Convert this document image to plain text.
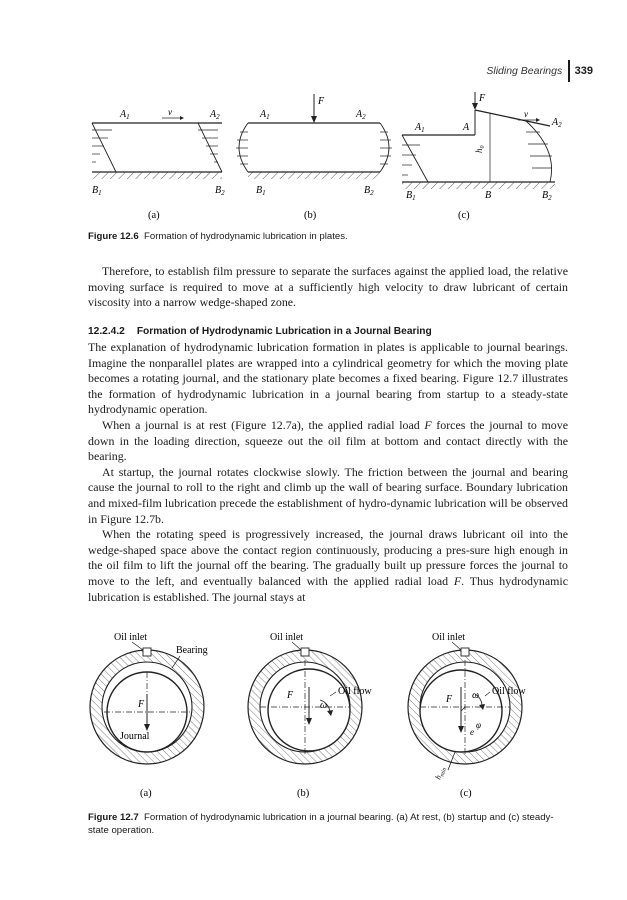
Sliding Bearings 339
v
$A_1$	$A_2$
$B_1$	$B_2$
(a)
F
$A_1$	$A_2$
$B_1$	$B_2$
(b)
F
$h_0$
v
$A_1$	A	$A_2$
$B_1$	B	$B_2$
(c)
Figure 12.6 Formation of hydrodynamic lubrication in plates.

Therefore, to establish film pressure to separate the surfaces against the applied load, the relative moving surface is required to move at a sufficiently high velocity to draw lubricant of certain viscosity into a narrow wedge-shaped zone.

12.2.4.2 Formation of Hydrodynamic Lubrication in a Journal Bearing

The explanation of hydrodynamic lubrication formation in plates is applicable to journal bearings. Imagine the nonparallel plates are wrapped into a cylindrical geometry for which the moving plate becomes a rotating journal, and the stationary plate becomes a fixed bearing. Figure 12.7 illustrates the formation of hydrodynamic lubrication in a journal bearing from startup to a steady-state hydrodynamic operation.

When a journal is at rest (Figure 12.7a), the applied radial load F forces the journal to move down in the loading direction, squeeze out the oil film at bottom and contact directly with the bearing.

At startup, the journal rotates clockwise slowly. The friction between the journal and bearing cause the journal to roll to the right and climb up the wall of bearing surface. Boundary lubrication and mixed-film lubrication precede the establishment of hydro-dynamic lubrication will be observed in Figure 12.7b.

When the rotating speed is progressively increased, the journal draws lubricant oil into the wedge-shaped space above the contact region continuously, producing a pres-sure high enough in the oil film to lift the journal off the bearing. The gradually built up pressure forces the journal to move to the left, and eventually balanced with the applied radial load F. Thus hydrodynamic lubrication is established. The journal stays at

F
Journal
Oil inlet
Bearing
(a)
F
ω
Oil inlet
Oil flow
(b)
F ω
φ
e
$h_{min}$
Oil inlet
Oil flow
(c)
Figure 12.7 Formation of hydrodynamic lubrication in a journal bearing. (a) At rest, (b) startup and (c) steady-state operation.
